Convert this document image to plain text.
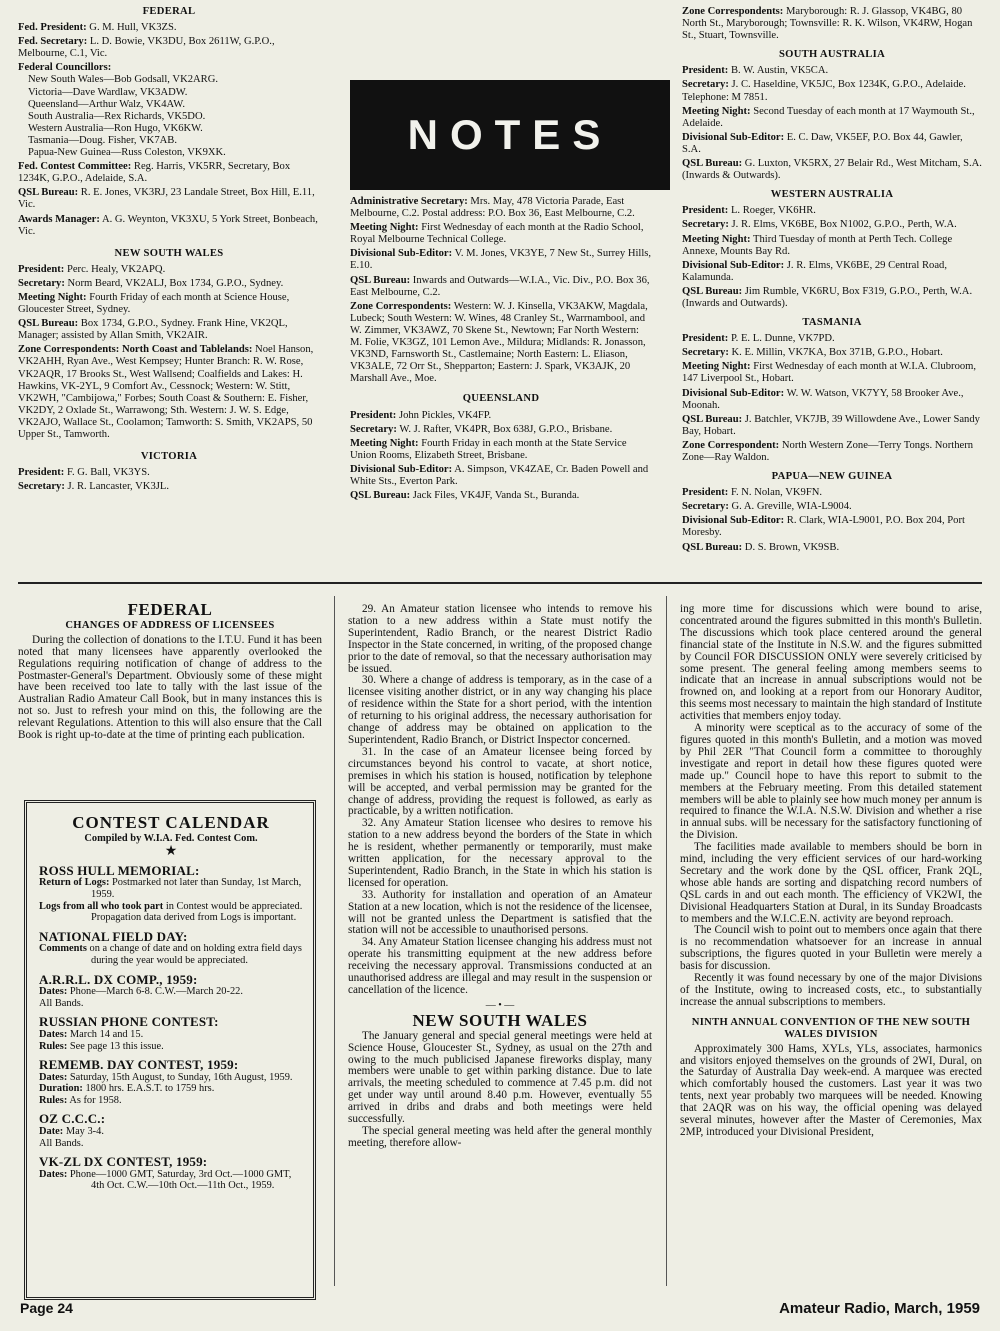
FEDERAL

Fed. President: G. M. Hull, VK3ZS.

Fed. Secretary: L. D. Bowie, VK3DU, Box 2611W, G.P.O., Melbourne, C.1, Vic.

Federal Councillors:

New South Wales—Bob Godsall, VK2ARG.
Victoria—Dave Wardlaw, VK3ADW.
Queensland—Arthur Walz, VK4AW.
South Australia—Rex Richards, VK5DO.
Western Australia—Ron Hugo, VK6KW.
Tasmania—Doug. Fisher, VK7AB.
Papua-New Guinea—Russ Coleston, VK9XK.

Fed. Contest Committee: Reg. Harris, VK5RR, Secretary, Box 1234K, G.P.O., Adelaide, S.A.

QSL Bureau: R. E. Jones, VK3RJ, 23 Landale Street, Box Hill, E.11, Vic.

Awards Manager: A. G. Weynton, VK3XU, 5 York Street, Bonbeach, Vic.

NEW SOUTH WALES

President: Perc. Healy, VK2APQ.

Secretary: Norm Beard, VK2ALJ, Box 1734, G.P.O., Sydney.

Meeting Night: Fourth Friday of each month at Science House, Gloucester Street, Sydney.

QSL Bureau: Box 1734, G.P.O., Sydney. Frank Hine, VK2QL, Manager; assisted by Allan Smith, VK2AIR.

Zone Correspondents: North Coast and Tablelands: Noel Hanson, VK2AHH, Ryan Ave., West Kempsey; Hunter Branch: R. W. Rose, VK2AQR, 17 Brooks St., West Wallsend; Coalfields and Lakes: H. Hawkins, VK-2YL, 9 Comfort Av., Cessnock; Western: W. Stitt, VK2WH, "Cambijowa," Forbes; South Coast & Southern: E. Fisher, VK2DY, 2 Oxlade St., Warrawong; Sth. Western: J. W. S. Edge, VK2AJO, Wallace St., Coolamon; Tamworth: S. Smith, VK2APS, 50 Upper St., Tamworth.

VICTORIA

President: F. G. Ball, VK3YS.

Secretary: J. R. Lancaster, VK3JL.

NOTES

Administrative Secretary: Mrs. May, 478 Victoria Parade, East Melbourne, C.2. Postal address: P.O. Box 36, East Melbourne, C.2.

Meeting Night: First Wednesday of each month at the Radio School, Royal Melbourne Technical College.

Divisional Sub-Editor: V. M. Jones, VK3YE, 7 New St., Surrey Hills, E.10.

QSL Bureau: Inwards and Outwards—W.I.A., Vic. Div., P.O. Box 36, East Melbourne, C.2.

Zone Correspondents: Western: W. J. Kinsella, VK3AKW, Magdala, Lubeck; South Western: W. Wines, 48 Cranley St., Warrnambool, and W. Zimmer, VK3AWZ, 70 Skene St., Newtown; Far North Western: M. Folie, VK3GZ, 101 Lemon Ave., Mildura; Midlands: R. Jonasson, VK3ND, Farnsworth St., Castlemaine; North Eastern: L. Eliason, VK3ALE, 72 Orr St., Shepparton; Eastern: J. Spark, VK3AJK, 20 Marshall Ave., Moe.

QUEENSLAND

President: John Pickles, VK4FP.

Secretary: W. J. Rafter, VK4PR, Box 638J, G.P.O., Brisbane.

Meeting Night: Fourth Friday in each month at the State Service Union Rooms, Elizabeth Street, Brisbane.

Divisional Sub-Editor: A. Simpson, VK4ZAE, Cr. Baden Powell and White Sts., Everton Park.

QSL Bureau: Jack Files, VK4JF, Vanda St., Buranda.

Zone Correspondents: Maryborough: R. J. Glassop, VK4BG, 80 North St., Maryborough; Townsville: R. K. Wilson, VK4RW, Hogan St., Stuart, Townsville.

SOUTH AUSTRALIA

President: B. W. Austin, VK5CA.

Secretary: J. C. Haseldine, VK5JC, Box 1234K, G.P.O., Adelaide. Telephone: M 7851.

Meeting Night: Second Tuesday of each month at 17 Waymouth St., Adelaide.

Divisional Sub-Editor: E. C. Daw, VK5EF, P.O. Box 44, Gawler, S.A.

QSL Bureau: G. Luxton, VK5RX, 27 Belair Rd., West Mitcham, S.A. (Inwards & Outwards).

WESTERN AUSTRALIA

President: L. Roeger, VK6HR.

Secretary: J. R. Elms, VK6BE, Box N1002, G.P.O., Perth, W.A.

Meeting Night: Third Tuesday of month at Perth Tech. College Annexe, Mounts Bay Rd.

Divisional Sub-Editor: J. R. Elms, VK6BE, 29 Central Road, Kalamunda.

QSL Bureau: Jim Rumble, VK6RU, Box F319, G.P.O., Perth, W.A. (Inwards and Outwards).

TASMANIA

President: P. E. L. Dunne, VK7PD.

Secretary: K. E. Millin, VK7KA, Box 371B, G.P.O., Hobart.

Meeting Night: First Wednesday of each month at W.I.A. Clubroom, 147 Liverpool St., Hobart.

Divisional Sub-Editor: W. W. Watson, VK7YY, 58 Brooker Ave., Moonah.

QSL Bureau: J. Batchler, VK7JB, 39 Willowdene Ave., Lower Sandy Bay, Hobart.

Zone Correspondent: North Western Zone—Terry Tongs. Northern Zone—Ray Waldon.

PAPUA—NEW GUINEA

President: F. N. Nolan, VK9FN.

Secretary: G. A. Greville, WIA-L9004.

Divisional Sub-Editor: R. Clark, WIA-L9001, P.O. Box 204, Port Moresby.

QSL Bureau: D. S. Brown, VK9SB.

FEDERAL
CHANGES OF ADDRESS OF LICENSEES

During the collection of donations to the I.T.U. Fund it has been noted that many licensees have apparently overlooked the Regulations requiring notification of change of address to the Postmaster-General's Department. Obviously some of these might have been received too late to tally with the last issue of the Australian Radio Amateur Call Book, but in many instances this is not so. Just to refresh your mind on this, the following are the relevant Regulations. Attention to this will also ensure that the Call Book is right up-to-date at the time of printing each publication.

CONTEST CALENDAR
Compiled by W.I.A. Fed. Contest Com.
★
ROSS HULL MEMORIAL:
Return of Logs: Postmarked not later than Sunday, 1st March, 1959.
Logs from all who took part in Contest would be appreciated. Propagation data derived from Logs is important.
NATIONAL FIELD DAY:
Comments on a change of date and on holding extra field days during the year would be appreciated.
A.R.R.L. DX COMP., 1959:
Dates: Phone—March 6-8. C.W.—March 20-22.
All Bands.
RUSSIAN PHONE CONTEST:
Dates: March 14 and 15.
Rules: See page 13 this issue.
REMEMB. DAY CONTEST, 1959:
Dates: Saturday, 15th August, to Sunday, 16th August, 1959.
Duration: 1800 hrs. E.A.S.T. to 1759 hrs.
Rules: As for 1958.
OZ C.C.C.:
Date: May 3-4.
All Bands.
VK-ZL DX CONTEST, 1959:
Dates: Phone—1000 GMT, Saturday, 3rd Oct.—1000 GMT, 4th Oct. C.W.—10th Oct.—11th Oct., 1959.

29. An Amateur station licensee who intends to remove his station to a new address within a State must notify the Superintendent, Radio Branch, or the nearest District Radio Inspector in the State concerned, in writing, of the proposed change prior to the date of removal, so that the necessary authorisation may be issued.

30. Where a change of address is temporary, as in the case of a licensee visiting another district, or in any way changing his place of residence within the State for a short period, with the intention of returning to his original address, the necessary authorisation for change of address may be obtained on application to the Superintendent, Radio Branch, or District Inspector concerned.

31. In the case of an Amateur licensee being forced by circumstances beyond his control to vacate, at short notice, premises in which his station is housed, notification by telephone will be accepted, and verbal permission may be granted for the change of address, providing the request is followed, as early as practicable, by a written notification.

32. Any Amateur Station licensee who desires to remove his station to a new address beyond the borders of the State in which he is resident, whether permanently or temporarily, must make written application, for the necessary approval to the Superintendent, Radio Branch, in the State in which his station is licensed for operation.

33. Authority for installation and operation of an Amateur Station at a new location, which is not the residence of the licensee, will not be granted unless the Department is satisfied that the station will not be accessible to unauthorised persons.

34. Any Amateur Station licensee changing his address must not operate his transmitting equipment at the new address before receiving the necessary approval. Transmissions conducted at an unauthorised address are illegal and may result in the suspension or cancellation of the licence.

— • —
NEW SOUTH WALES

The January general and special general meetings were held at Science House, Gloucester St., Sydney, as usual on the 27th and owing to the much publicised Japanese fireworks display, many members were unable to get within parking distance. Due to late arrivals, the meeting scheduled to commence at 7.45 p.m. did not get under way until around 8.40 p.m. However, eventually 55 arrived in dribs and drabs and both meetings were held successfully.

The special general meeting was held after the general monthly meeting, therefore allow-

ing more time for discussions which were bound to arise, concentrated around the figures submitted in this month's Bulletin. The discussions which took place centered around the general financial state of the Institute in N.S.W. and the figures submitted by Council FOR DISCUSSION ONLY were severely criticised by some present. The general feeling among members seems to indicate that an increase in annual subscriptions would not be frowned on, and looking at a report from our Honorary Auditor, this seems most necessary to maintain the high standard of Institute activities that members enjoy today.

A minority were sceptical as to the accuracy of some of the figures quoted in this month's Bulletin, and a motion was moved by Phil 2ER "That Council form a committee to thoroughly investigate and report in detail how these figures quoted were made up." Council hope to have this report to submit to the members at the February meeting. From this detailed statement members will be able to plainly see how much money per annum is required to finance the W.I.A. N.S.W. Division and whether a rise in annual subs. will be necessary for the satisfactory functioning of the Division.

The facilities made available to members should be born in mind, including the very efficient services of our hard-working Secretary and the work done by the QSL officer, Frank 2QL, whose able hands are sorting and dispatching record numbers of QSL cards in and out each month. The efficiency of VK2WI, the Divisional Headquarters Station at Dural, in its Sunday Broadcasts to members and the W.I.C.E.N. activity are beyond reproach.

The Council wish to point out to members once again that there is no recommendation whatsoever for an increase in annual subscriptions, the figures quoted in your Bulletin were merely a basis for discussion.

Recently it was found necessary by one of the major Divisions of the Institute, owing to increased costs, etc., to substantially increase the annual subscriptions to members.

NINTH ANNUAL CONVENTION OF THE NEW SOUTH WALES DIVISION

Approximately 300 Hams, XYLs, YLs, associates, harmonics and visitors enjoyed themselves on the grounds of 2WI, Dural, on the Saturday of Australia Day week-end. A marquee was erected which comfortably housed the customers. Last year it was two tents, next year probably two marquees will be needed. Knowing that 2AQR was on his way, the official opening was delayed several minutes, however after the Master of Ceremonies, Max 2MP, introduced your Divisional President,

Page 24	Amateur Radio, March, 1959
